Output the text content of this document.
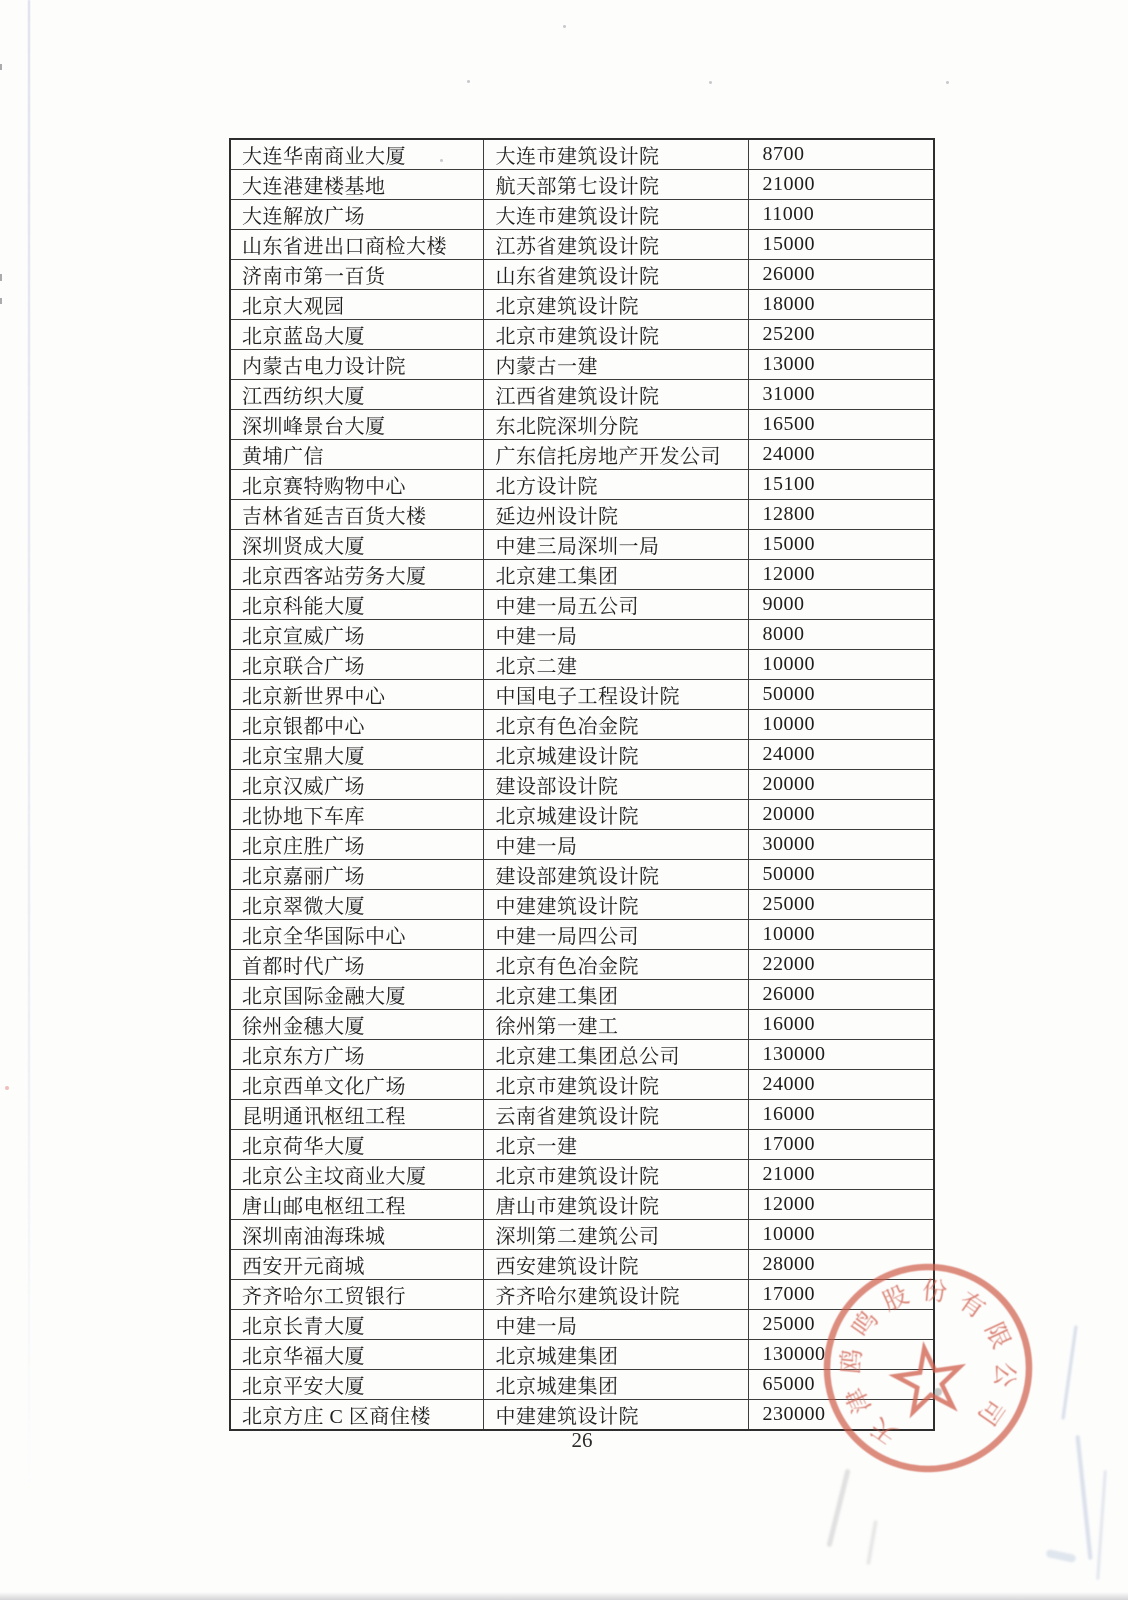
大连华南商业大厦	大连市建筑设计院	8700
大连港建楼基地	航天部第七设计院	21000
大连解放广场	大连市建筑设计院	11000
山东省进出口商检大楼	江苏省建筑设计院	15000
济南市第一百货	山东省建筑设计院	26000
北京大观园	北京建筑设计院	18000
北京蓝岛大厦	北京市建筑设计院	25200
内蒙古电力设计院	内蒙古一建	13000
江西纺织大厦	江西省建筑设计院	31000
深圳峰景台大厦	东北院深圳分院	16500
黄埔广信	广东信托房地产开发公司	24000
北京赛特购物中心	北方设计院	15100
吉林省延吉百货大楼	延边州设计院	12800
深圳贤成大厦	中建三局深圳一局	15000
北京西客站劳务大厦	北京建工集团	12000
北京科能大厦	中建一局五公司	9000
北京宣威广场	中建一局	8000
北京联合广场	北京二建	10000
北京新世界中心	中国电子工程设计院	50000
北京银都中心	北京有色冶金院	10000
北京宝鼎大厦	北京城建设计院	24000
北京汉威广场	建设部设计院	20000
北协地下车库	北京城建设计院	20000
北京庄胜广场	中建一局	30000
北京嘉丽广场	建设部建筑设计院	50000
北京翠微大厦	中建建筑设计院	25000
北京全华国际中心	中建一局四公司	10000
首都时代广场	北京有色冶金院	22000
北京国际金融大厦	北京建工集团	26000
徐州金穗大厦	徐州第一建工	16000
北京东方广场	北京建工集团总公司	130000
北京西单文化广场	北京市建筑设计院	24000
昆明通讯枢纽工程	云南省建筑设计院	16000
北京荷华大厦	北京一建	17000
北京公主坟商业大厦	北京市建筑设计院	21000
唐山邮电枢纽工程	唐山市建筑设计院	12000
深圳南油海珠城	深圳第二建筑公司	10000
西安开元商城	西安建筑设计院	28000
齐齐哈尔工贸银行	齐齐哈尔建筑设计院	17000
北京长青大厦	中建一局	25000
北京华福大厦	北京城建集团	130000
北京平安大厦	北京城建集团	65000
北京方庄 C 区商住楼	中建建筑设计院	230000
26	天
津
鸥
鸣
股 份 有
限
公
司
